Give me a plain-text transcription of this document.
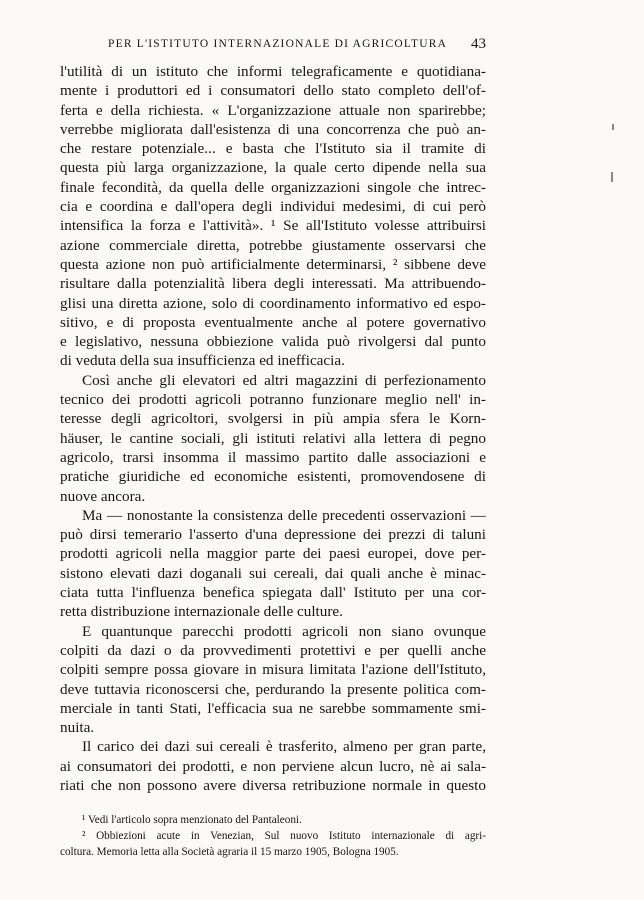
PER L'ISTITUTO INTERNAZIONALE DI AGRICOLTURA 43
l'utilità di un istituto che informi telegraficamente e quotidiana-
mente i produttori ed i consumatori dello stato completo dell'of-
ferta e della richiesta. « L'organizzazione attuale non sparirebbe;
verrebbe migliorata dall'esistenza di una concorrenza che può an-
che restare potenziale... e basta che l'Istituto sia il tramite di
questa più larga organizzazione, la quale certo dipende nella sua
finale fecondità, da quella delle organizzazioni singole che intrec-
cia e coordina e dall'opera degli individui medesimi, di cui però
intensifica la forza e l'attività». ¹ Se all'Istituto volesse attribuirsi
azione commerciale diretta, potrebbe giustamente osservarsi che
questa azione non può artificialmente determinarsi, ² sibbene deve
risultare dalla potenzialità libera degli interessati. Ma attribuendo-
glisi una diretta azione, solo di coordinamento informativo ed espo-
sitivo, e di proposta eventualmente anche al potere governativo
e legislativo, nessuna obbiezione valida può rivolgersi dal punto
di veduta della sua insufficienza ed inefficacia.
Così anche gli elevatori ed altri magazzini di perfezionamento
tecnico dei prodotti agricoli potranno funzionare meglio nell' in-
teresse degli agricoltori, svolgersi in più ampia sfera le Korn-
häuser, le cantine sociali, gli istituti relativi alla lettera di pegno
agricolo, trarsi insomma il massimo partito dalle associazioni e
pratiche giuridiche ed economiche esistenti, promovendosene di
nuove ancora.
Ma — nonostante la consistenza delle precedenti osservazioni —
può dirsi temerario l'asserto d'una depressione dei prezzi di taluni
prodotti agricoli nella maggior parte dei paesi europei, dove per-
sistono elevati dazi doganali sui cereali, dai quali anche è minac-
ciata tutta l'influenza benefica spiegata dall' Istituto per una cor-
retta distribuzione internazionale delle culture.
E quantunque parecchi prodotti agricoli non siano ovunque
colpiti da dazi o da provvedimenti protettivi e per quelli anche
colpiti sempre possa giovare in misura limitata l'azione dell'Istituto,
deve tuttavia riconoscersi che, perdurando la presente politica com-
merciale in tanti Stati, l'efficacia sua ne sarebbe sommamente smi-
nuita.
Il carico dei dazi sui cereali è trasferito, almeno per gran parte,
ai consumatori dei prodotti, e non perviene alcun lucro, nè ai sala-
riati che non possono avere diversa retribuzione normale in questo
¹ Vedi l'articolo sopra menzionato del Pantaleoni.
² Obbiezioni acute in Venezian, Sul nuovo Istituto internazionale di agri-
coltura. Memoria letta alla Società agraria il 15 marzo 1905, Bologna 1905.
